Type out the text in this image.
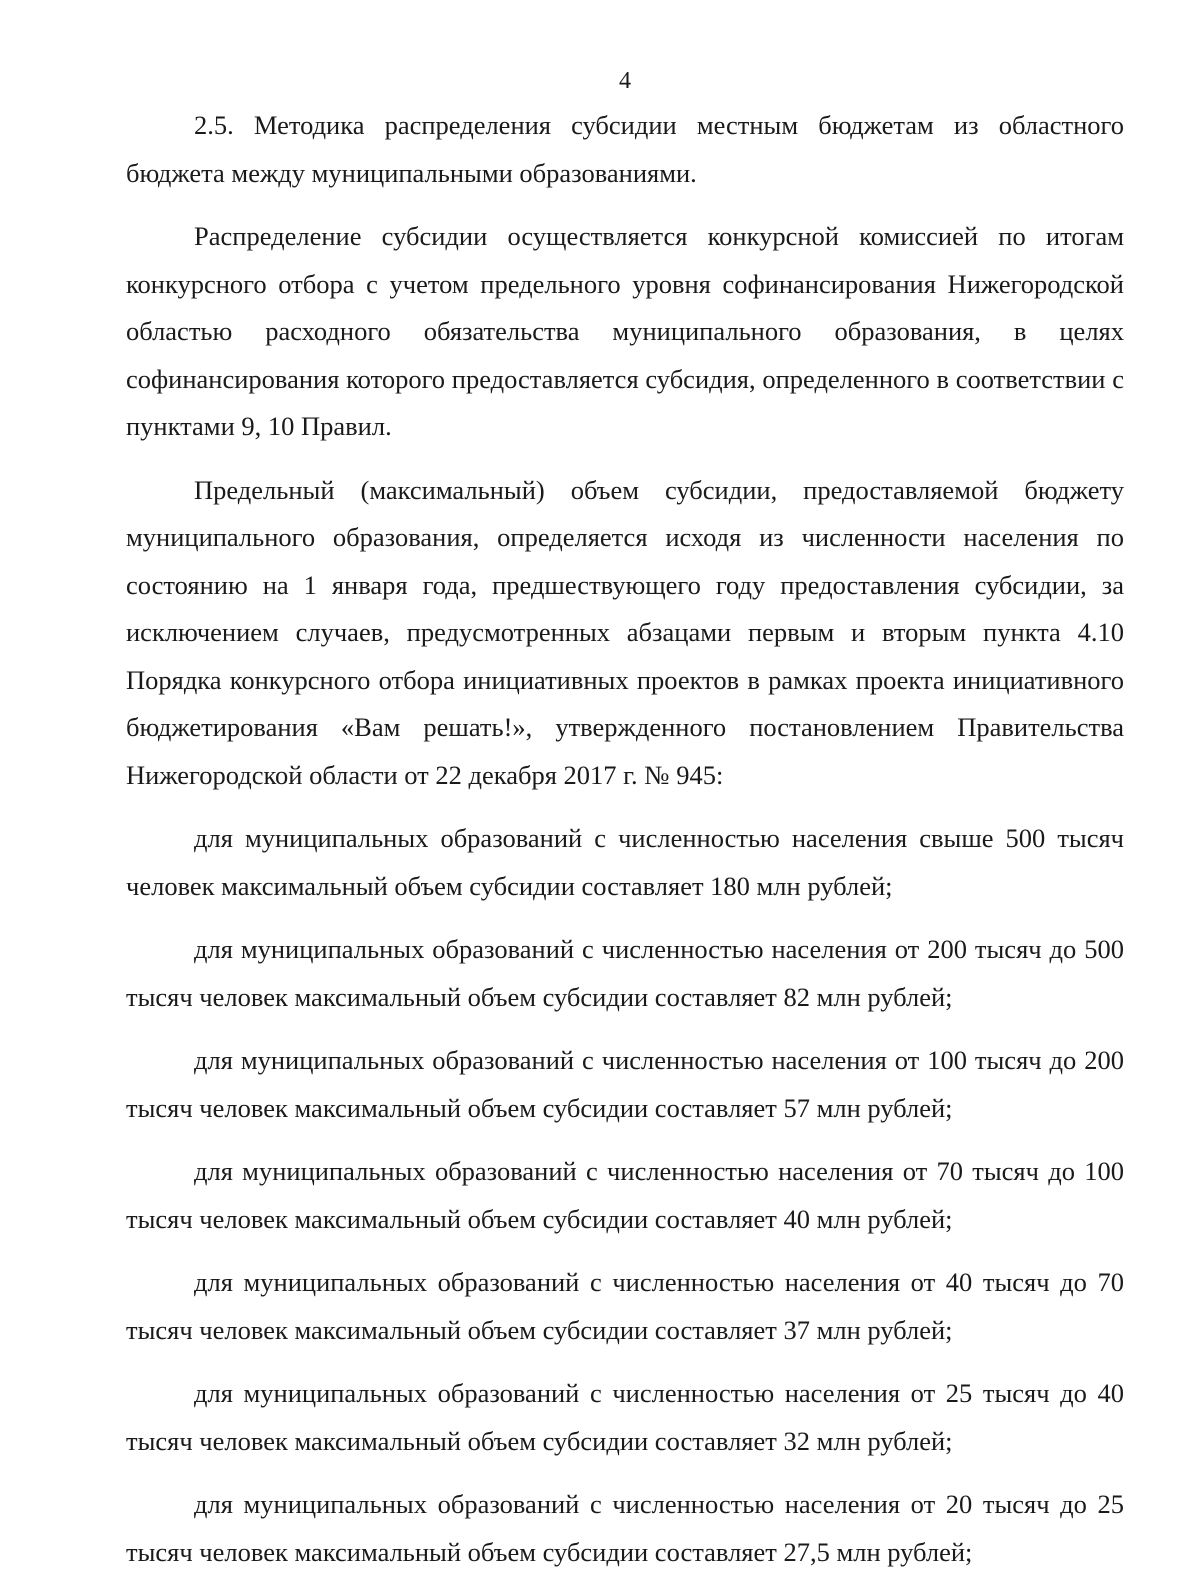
4

2.5. Методика распределения субсидии местным бюджетам из областного бюджета между муниципальными образованиями.

Распределение субсидии осуществляется конкурсной комиссией по итогам конкурсного отбора с учетом предельного уровня софинансирования Нижегородской областью расходного обязательства муниципального образования, в целях софинансирования которого предоставляется субсидия, определенного в соответствии с пунктами 9, 10 Правил.

Предельный (максимальный) объем субсидии, предоставляемой бюджету муниципального образования, определяется исходя из численности населения по состоянию на 1 января года, предшествующего году предоставления субсидии, за исключением случаев, предусмотренных абзацами первым и вторым пункта 4.10 Порядка конкурсного отбора инициативных проектов в рамках проекта инициативного бюджетирования «Вам решать!», утвержденного постановлением Правительства Нижегородской области от 22 декабря 2017 г. № 945:

для муниципальных образований с численностью населения свыше 500 тысяч человек максимальный объем субсидии составляет 180 млн рублей;

для муниципальных образований с численностью населения от 200 тысяч до 500 тысяч человек максимальный объем субсидии составляет 82 млн рублей;

для муниципальных образований с численностью населения от 100 тысяч до 200 тысяч человек максимальный объем субсидии составляет 57 млн рублей;

для муниципальных образований с численностью населения от 70 тысяч до 100 тысяч человек максимальный объем субсидии составляет 40 млн рублей;

для муниципальных образований с численностью населения от 40 тысяч до 70 тысяч человек максимальный объем субсидии составляет 37 млн рублей;

для муниципальных образований с численностью населения от 25 тысяч до 40 тысяч человек максимальный объем субсидии составляет 32 млн рублей;

для муниципальных образований с численностью населения от 20 тысяч до 25 тысяч человек максимальный объем субсидии составляет 27,5 млн рублей;
